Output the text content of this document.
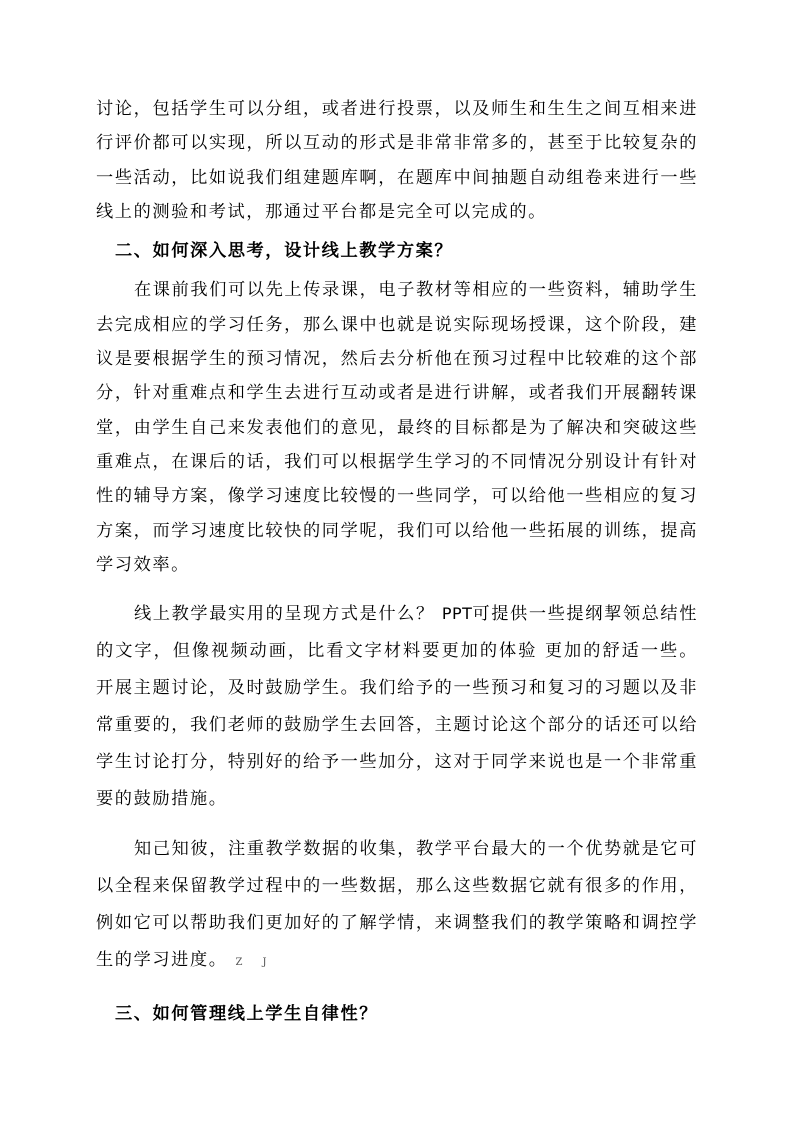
讨论，包括学生可以分组，或者进行投票，以及师生和生生之间互相来进行评价都可以实现，所以互动的形式是非常非常多的，甚至于比较复杂的一些活动，比如说我们组建题库啊，在题库中间抽题自动组卷来进行一些线上的测验和考试，那通过平台都是完全可以完成的。

二、如何深入思考，设计线上教学方案？

在课前我们可以先上传录课，电子教材等相应的一些资料，辅助学生去完成相应的学习任务，那么课中也就是说实际现场授课，这个阶段，建议是要根据学生的预习情况，然后去分析他在预习过程中比较难的这个部分，针对重难点和学生去进行互动或者是进行讲解，或者我们开展翻转课堂，由学生自己来发表他们的意见，最终的目标都是为了解决和突破这些重难点，在课后的话，我们可以根据学生学习的不同情况分别设计有针对性的辅导方案，像学习速度比较慢的一些同学，可以给他一些相应的复习方案，而学习速度比较快的同学呢，我们可以给他一些拓展的训练，提高学习效率。

线上教学最实用的呈现方式是什么？ PPT可提供一些提纲挈领总结性的文字，但像视频动画，比看文字材料要更加的体验 更加的舒适一些。开展主题讨论，及时鼓励学生。我们给予的一些预习和复习的习题以及非常重要的，我们老师的鼓励学生去回答，主题讨论这个部分的话还可以给学生讨论打分，特别好的给予一些加分，这对于同学来说也是一个非常重要的鼓励措施。

知己知彼，注重教学数据的收集，教学平台最大的一个优势就是它可以全程来保留教学过程中的一些数据，那么这些数据它就有很多的作用，例如它可以帮助我们更加好的了解学情，来调整我们的教学策略和调控学生的学习进度。 Z J

三、如何管理线上学生自律性？
